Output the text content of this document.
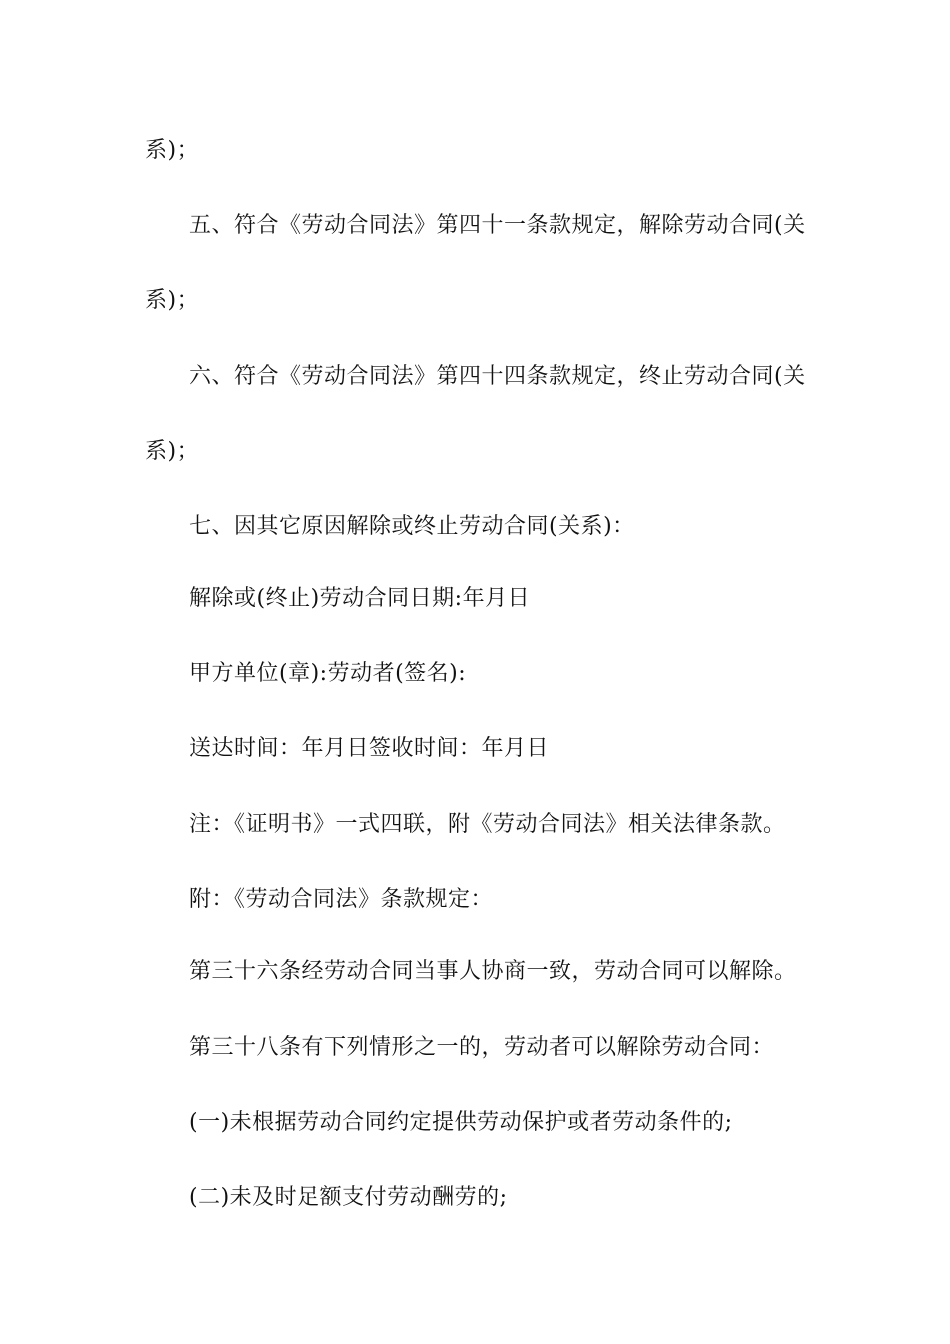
系)；
五、符合《劳动合同法》第四十一条款规定，解除劳动合同(关
系)；
六、符合《劳动合同法》第四十四条款规定，终止劳动合同(关
系)；
七、因其它原因解除或终止劳动合同(关系)：
解除或(终止)劳动合同日期:年月日
甲方单位(章):劳动者(签名):
送达时间：年月日签收时间：年月日
注：《证明书》一式四联，附《劳动合同法》相关法律条款。
附：《劳动合同法》条款规定：
第三十六条经劳动合同当事人协商一致，劳动合同可以解除。
第三十八条有下列情形之一的，劳动者可以解除劳动合同：
(一)未根据劳动合同约定提供劳动保护或者劳动条件的;
(二)未及时足额支付劳动酬劳的;
